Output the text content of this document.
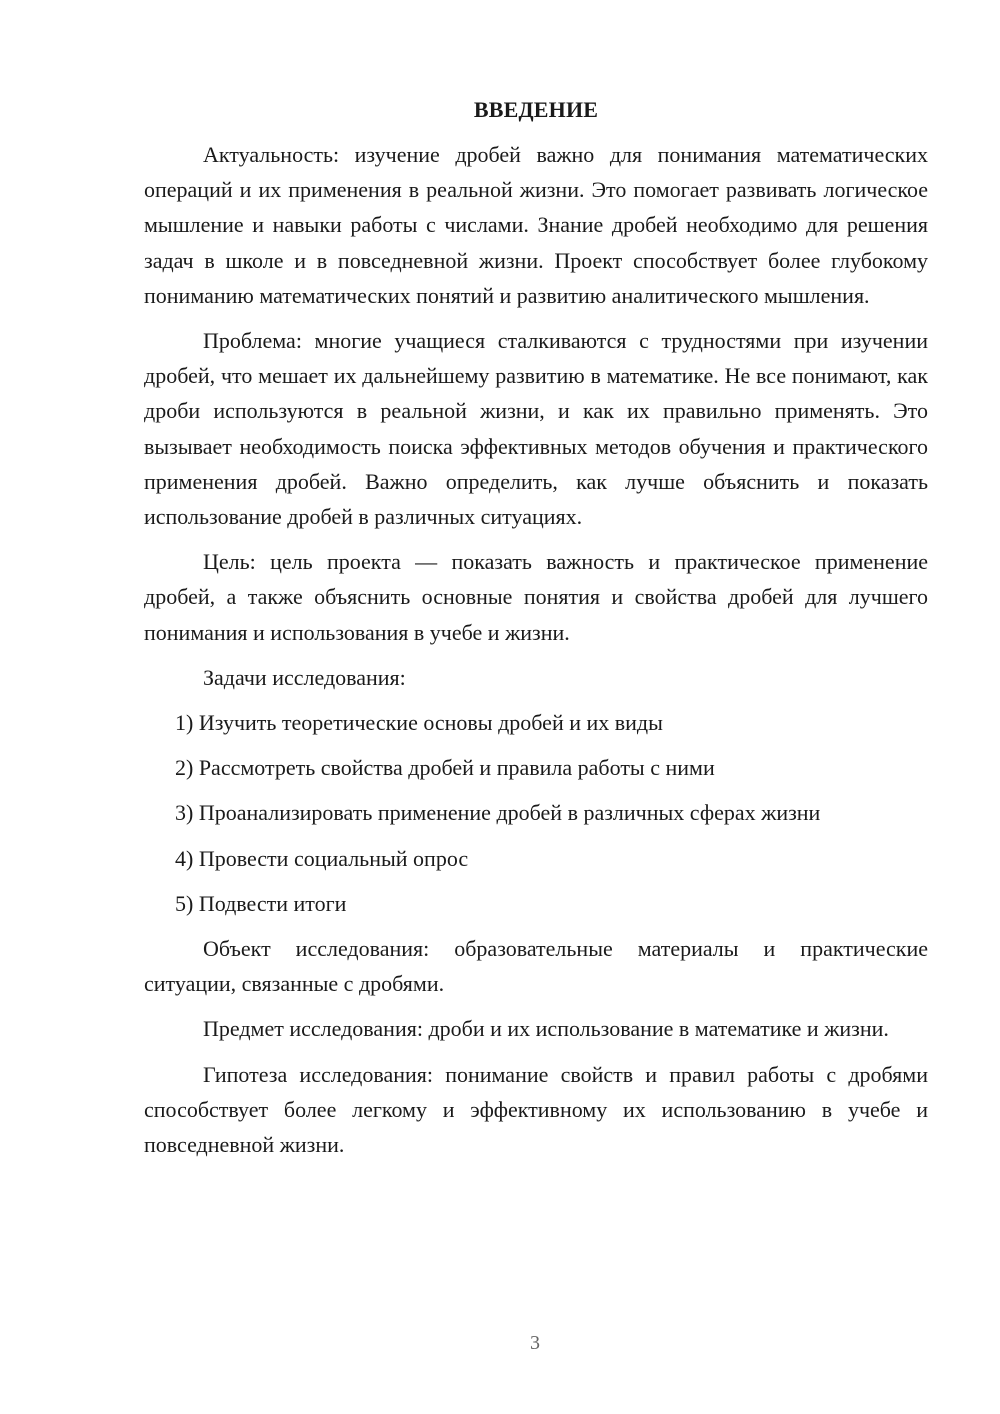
ВВЕДЕНИЕ

Актуальность: изучение дробей важно для понимания математических операций и их применения в реальной жизни. Это помогает развивать логическое мышление и навыки работы с числами. Знание дробей необходимо для решения задач в школе и в повседневной жизни. Проект способствует более глубокому пониманию математических понятий и развитию аналитического мышления.

Проблема: многие учащиеся сталкиваются с трудностями при изучении дробей, что мешает их дальнейшему развитию в математике. Не все понимают, как дроби используются в реальной жизни, и как их правильно применять. Это вызывает необходимость поиска эффективных методов обучения и практического применения дробей. Важно определить, как лучше объяснить и показать использование дробей в различных ситуациях.

Цель: цель проекта — показать важность и практическое применение дробей, а также объяснить основные понятия и свойства дробей для лучшего понимания и использования в учебе и жизни.

Задачи исследования:

1) Изучить теоретические основы дробей и их виды
2) Рассмотреть свойства дробей и правила работы с ними
3) Проанализировать применение дробей в различных сферах жизни
4) Провести социальный опрос
5) Подвести итоги

Объект исследования: образовательные материалы и практические ситуации, связанные с дробями.

Предмет исследования: дроби и их использование в математике и жизни.

Гипотеза исследования: понимание свойств и правил работы с дробями способствует более легкому и эффективному их использованию в учебе и повседневной жизни.

3
